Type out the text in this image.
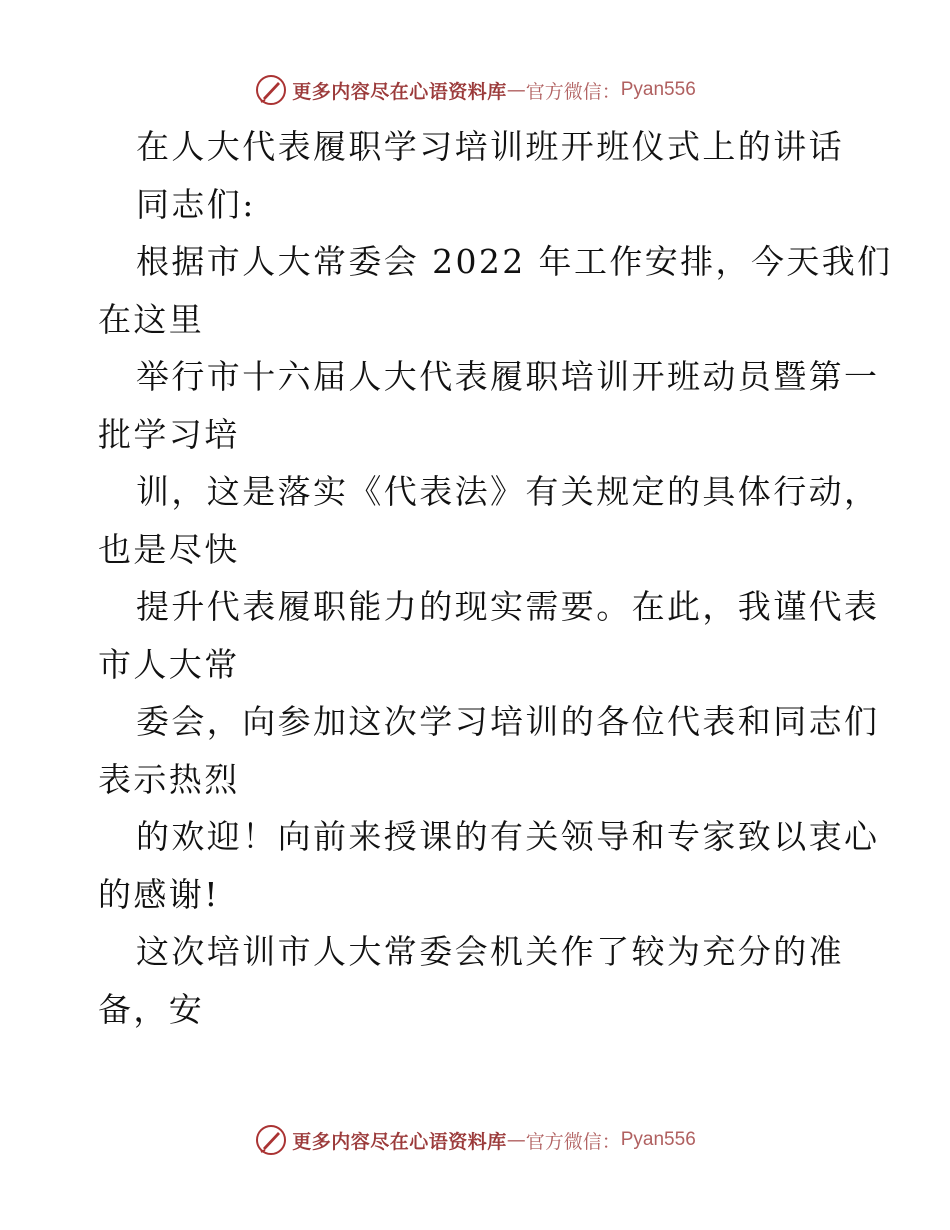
更多内容尽在心语资料库 — 官方微信： Pyan556
在人大代表履职学习培训班开班仪式上的讲话
同志们:
根据市人大常委会 2022 年工作安排，今天我们
在这里
举行市十六届人大代表履职培训开班动员暨第一
批学习培
训，这是落实《代表法》有关规定的具体行动，
也是尽快
提升代表履职能力的现实需要。在此，我谨代表
市人大常
委会，向参加这次学习培训的各位代表和同志们
表示热烈
的欢迎！向前来授课的有关领导和专家致以衷心
的感谢!
这次培训市人大常委会机关作了较为充分的准
备，安
更多内容尽在心语资料库 — 官方微信： Pyan556
